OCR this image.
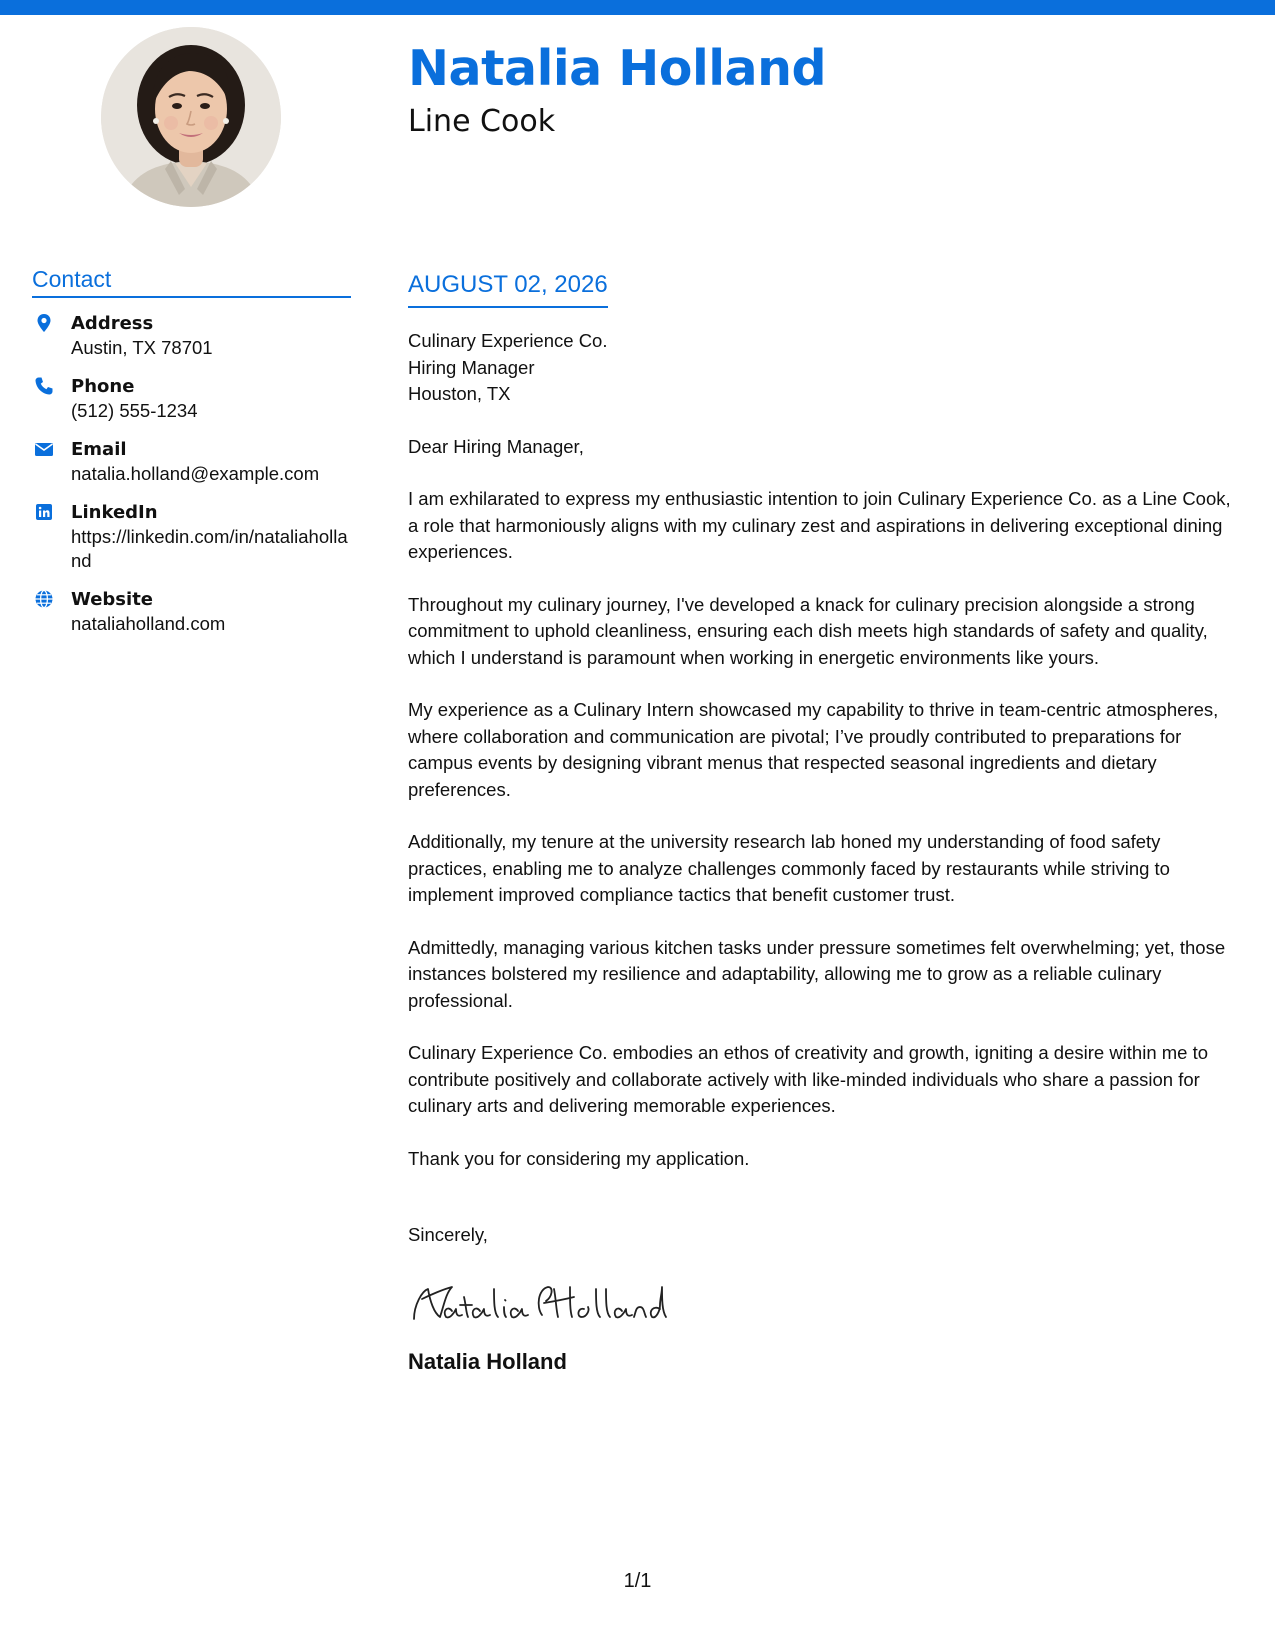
Natalia Holland
Line Cook
Contact
Address
Austin, TX 78701
Phone
(512) 555-1234
Email
natalia.holland@example.com
LinkedIn
https://linkedin.com/in/nataliaholland
Website
nataliaholland.com
AUGUST 02, 2026
Culinary Experience Co.
Hiring Manager
Houston, TX
Dear Hiring Manager,

I am exhilarated to express my enthusiastic intention to join Culinary Experience Co. as a Line Cook, a role that harmoniously aligns with my culinary zest and aspirations in delivering exceptional dining experiences.

Throughout my culinary journey, I've developed a knack for culinary precision alongside a strong commitment to uphold cleanliness, ensuring each dish meets high standards of safety and quality, which I understand is paramount when working in energetic environments like yours.

My experience as a Culinary Intern showcased my capability to thrive in team-centric atmospheres, where collaboration and communication are pivotal; I’ve proudly contributed to preparations for campus events by designing vibrant menus that respected seasonal ingredients and dietary preferences.

Additionally, my tenure at the university research lab honed my understanding of food safety practices, enabling me to analyze challenges commonly faced by restaurants while striving to implement improved compliance tactics that benefit customer trust.

Admittedly, managing various kitchen tasks under pressure sometimes felt overwhelming; yet, those instances bolstered my resilience and adaptability, allowing me to grow as a reliable culinary professional.

Culinary Experience Co. embodies an ethos of creativity and growth, igniting a desire within me to contribute positively and collaborate actively with like-minded individuals who share a passion for culinary arts and delivering memorable experiences.

Thank you for considering my application.

Sincerely,
Natalia Holland
1/1
